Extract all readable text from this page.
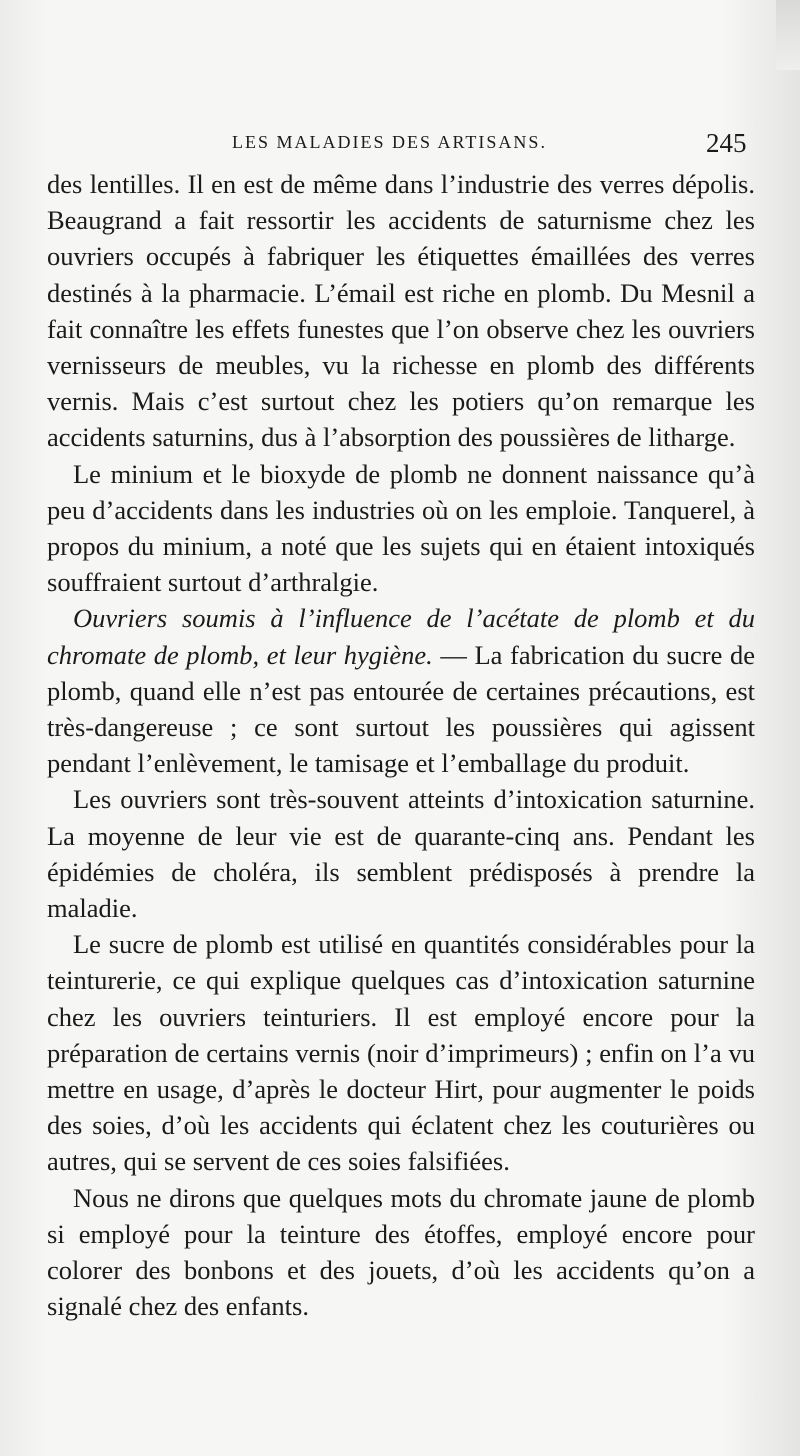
LES MALADIES DES ARTISANS.	245

des lentilles. Il en est de même dans l’industrie des verres dépolis. Beaugrand a fait ressortir les accidents de saturnisme chez les ouvriers occupés à fabriquer les étiquettes émaillées des verres destinés à la pharmacie. L’émail est riche en plomb. Du Mesnil a fait connaître les effets funestes que l’on observe chez les ouvriers vernisseurs de meubles, vu la richesse en plomb des différents vernis. Mais c’est surtout chez les potiers qu’on remarque les accidents saturnins, dus à l’absorption des poussières de litharge.

Le minium et le bioxyde de plomb ne donnent naissance qu’à peu d’accidents dans les industries où on les emploie. Tanquerel, à propos du minium, a noté que les sujets qui en étaient intoxiqués souffraient surtout d’arthralgie.

Ouvriers soumis à l’influence de l’acétate de plomb et du chromate de plomb, et leur hygiène. — La fabrication du sucre de plomb, quand elle n’est pas entourée de certaines précautions, est très-dangereuse ; ce sont surtout les poussières qui agissent pendant l’enlèvement, le tamisage et l’emballage du produit.

Les ouvriers sont très-souvent atteints d’intoxication saturnine. La moyenne de leur vie est de quarante-cinq ans. Pendant les épidémies de choléra, ils semblent prédisposés à prendre la maladie.

Le sucre de plomb est utilisé en quantités considérables pour la teinturerie, ce qui explique quelques cas d’intoxication saturnine chez les ouvriers teinturiers. Il est employé encore pour la préparation de certains vernis (noir d’imprimeurs) ; enfin on l’a vu mettre en usage, d’après le docteur Hirt, pour augmenter le poids des soies, d’où les accidents qui éclatent chez les couturières ou autres, qui se servent de ces soies falsifiées.

Nous ne dirons que quelques mots du chromate jaune de plomb si employé pour la teinture des étoffes, employé encore pour colorer des bonbons et des jouets, d’où les accidents qu’on a signalé chez des enfants.
